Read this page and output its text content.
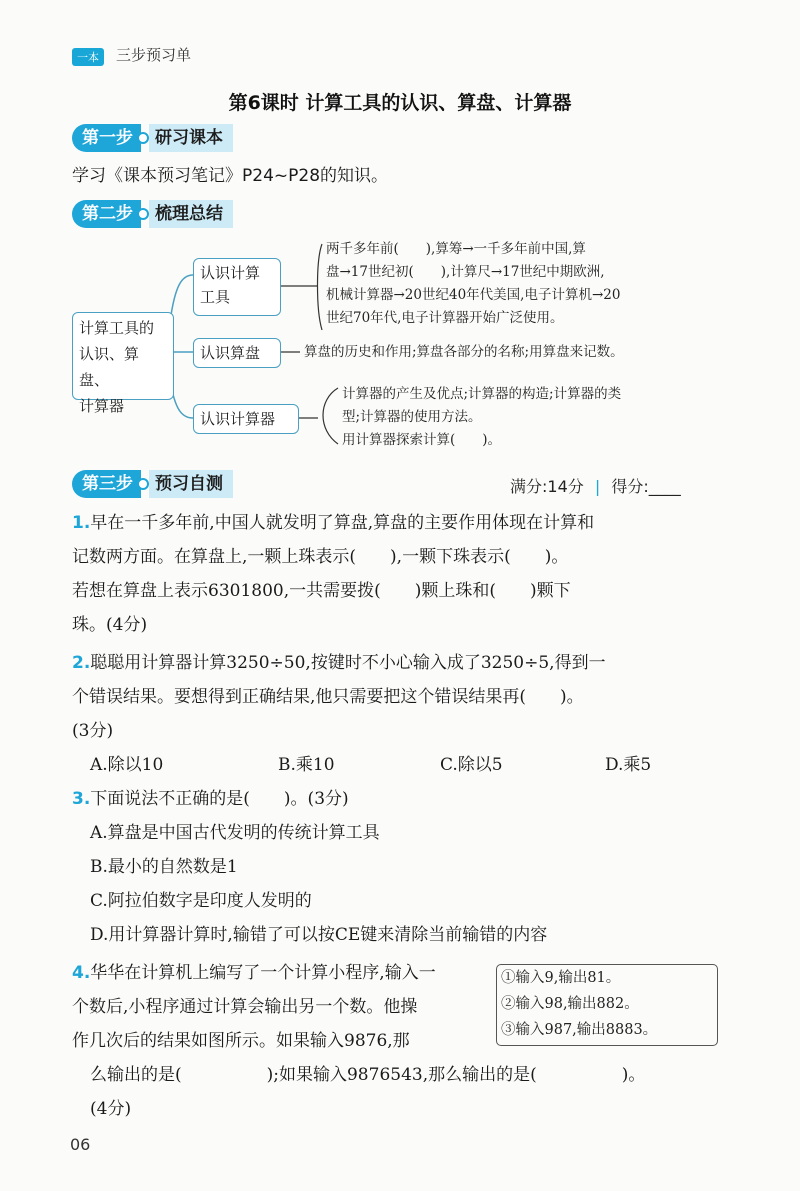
一本	三步预习单
第6课时 计算工具的认识、算盘、计算器
第一步	研习课本
学习《课本预习笔记》P24~P28的知识。
第二步	梳理总结
计算工具的
认识、算盘、
计算器
认识计算
工具
两千多年前(　　),算筹→一千多年前中国,算
盘→17世纪初(　　),计算尺→17世纪中期欧洲,
机械计算器→20世纪40年代美国,电子计算机→20
世纪70年代,电子计算器开始广泛使用。
认识算盘	算盘的历史和作用;算盘各部分的名称;用算盘来记数。
认识计算器
计算器的产生及优点;计算器的构造;计算器的类
型;计算器的使用方法。
用计算器探索计算(　　)。
第三步	预习自测	满分:14分 | 得分:____
1.早在一千多年前,中国人就发明了算盘,算盘的主要作用体现在计算和
记数两方面。在算盘上,一颗上珠表示(　　),一颗下珠表示(　　)。
若想在算盘上表示6301800,一共需要拨(　　)颗上珠和(　　)颗下
珠。(4分)
2.聪聪用计算器计算3250÷50,按键时不小心输入成了3250÷5,得到一
个错误结果。要想得到正确结果,他只需要把这个错误结果再(　　)。
(3分)
A.除以10	B.乘10	C.除以5	D.乘5
3.下面说法不正确的是(　　)。(3分)
A.算盘是中国古代发明的传统计算工具
B.最小的自然数是1
C.阿拉伯数字是印度人发明的
D.用计算器计算时,输错了可以按CE键来清除当前输错的内容
4.华华在计算机上编写了一个计算小程序,输入一
个数后,小程序通过计算会输出另一个数。他操
作几次后的结果如图所示。如果输入9876,那
①输入9,输出81。
②输入98,输出882。
③输入987,输出8883。
么输出的是(　　　　　);如果输入9876543,那么输出的是(　　　　　)。
(4分)
06
